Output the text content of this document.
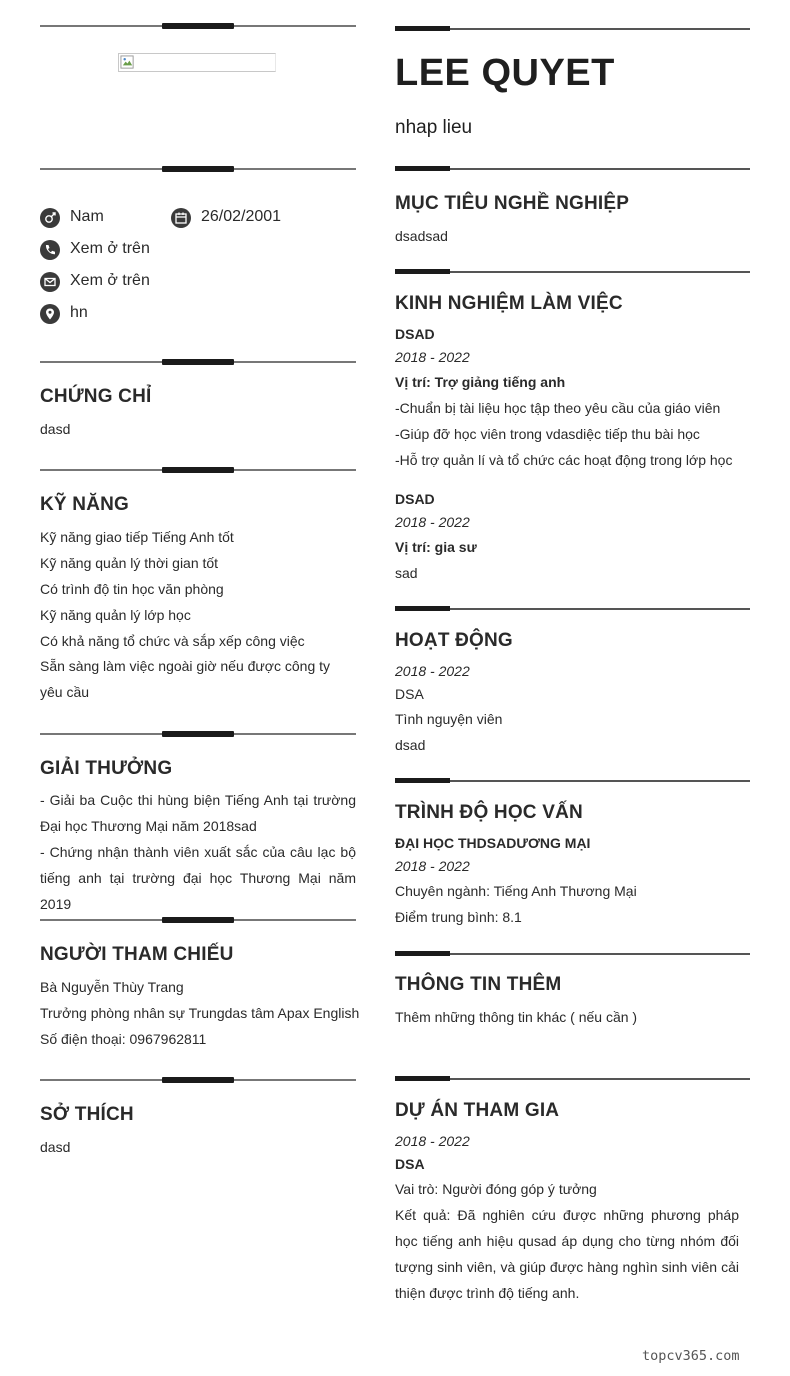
Nam	26/02/2001
Xem ở trên
Xem ở trên
hn
CHỨNG CHỈ
dasd
KỸ NĂNG
Kỹ năng giao tiếp Tiếng Anh tốt
Kỹ năng quản lý thời gian tốt
Có trình độ tin học văn phòng
Kỹ năng quản lý lớp học
Có khả năng tổ chức và sắp xếp công việc
Sẵn sàng làm việc ngoài giờ nếu được công ty yêu cầu
GIẢI THƯỞNG
- Giải ba Cuộc thi hùng biện Tiếng Anh tại trường Đại học Thương Mại năm 2018sad
- Chứng nhận thành viên xuất sắc của câu lạc bộ tiếng anh tại trường đại học Thương Mại năm 2019
NGƯỜI THAM CHIẾU
Bà Nguyễn Thùy Trang
Trưởng phòng nhân sự Trungdas tâm Apax English
Số điện thoại: 0967962811
SỞ THÍCH
dasd
LEE QUYET
nhap lieu
MỤC TIÊU NGHỀ NGHIỆP
dsadsad
KINH NGHIỆM LÀM VIỆC
DSAD
2018 - 2022
Vị trí: Trợ giảng tiếng anh
-Chuẩn bị tài liệu học tập theo yêu cầu của giáo viên
-Giúp đỡ học viên trong vdasdiệc tiếp thu bài học
-Hỗ trợ quản lí và tổ chức các hoạt động trong lớp học
DSAD
2018 - 2022
Vị trí: gia sư
sad
HOẠT ĐỘNG
2018 - 2022
DSA
Tình nguyện viên
dsad
TRÌNH ĐỘ HỌC VẤN
ĐẠI HỌC THDSADƯƠNG MẠI
2018 - 2022
Chuyên ngành: Tiếng Anh Thương Mại
Điểm trung bình: 8.1
THÔNG TIN THÊM
Thêm những thông tin khác ( nếu cần )
DỰ ÁN THAM GIA
2018 - 2022
DSA
Vai trò: Người đóng góp ý tưởng
Kết quả: Đã nghiên cứu được những phương pháp học tiếng anh hiệu qusad áp dụng cho từng nhóm đối tượng sinh viên, và giúp được hàng nghìn sinh viên cải thiện được trình độ tiếng anh.
topcv365.com
